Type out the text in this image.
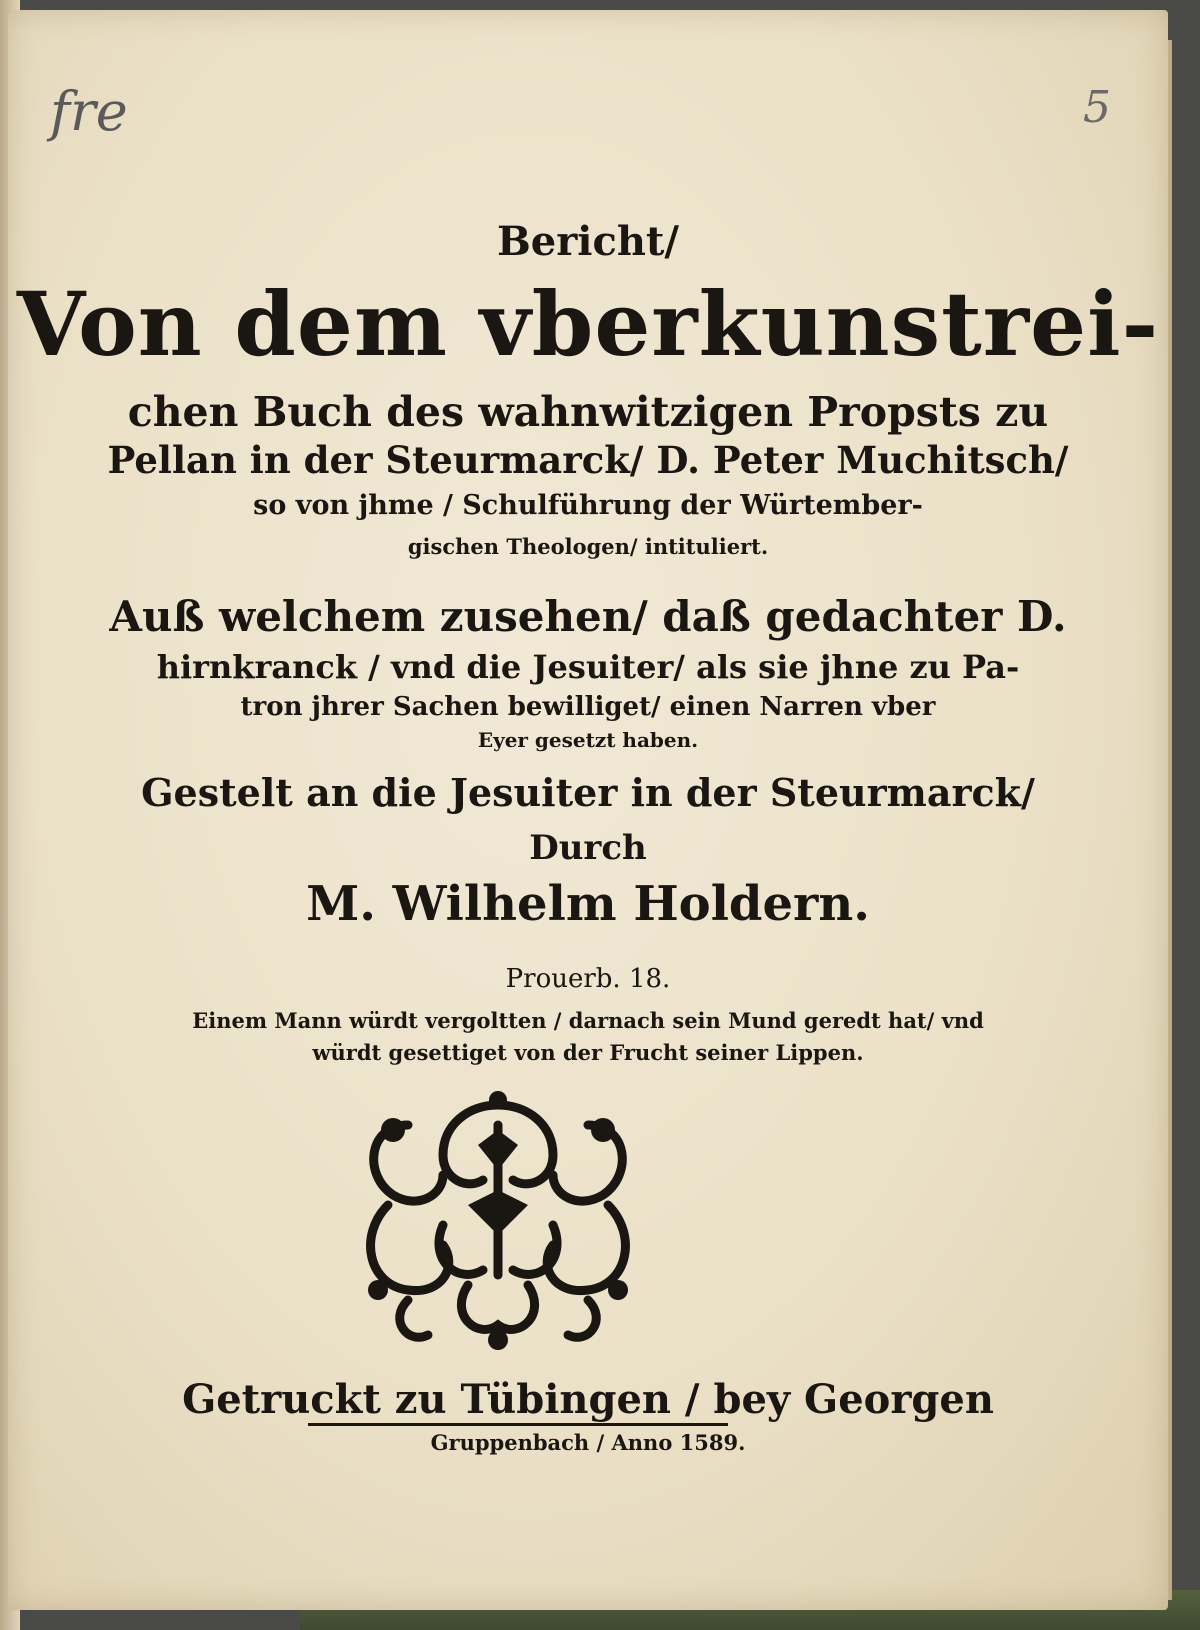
fre	5
Bericht/
Von dem vberkunstrei-
chen Buch des wahnwitzigen Propsts zu
Pellan in der Steurmarck/ D. Peter Muchitsch/
so von jhme / Schulführung der Würtember-
gischen Theologen/ intituliert.
Auß welchem zusehen/ daß gedachter D.
hirnkranck / vnd die Jesuiter/ als sie jhne zu Pa-
tron jhrer Sachen bewilliget/ einen Narren vber
Eyer gesetzt haben.
Gestelt an die Jesuiter in der Steurmarck/
Durch
M. Wilhelm Holdern.
Prouerb. 18.
Einem Mann würdt vergoltten / darnach sein Mund geredt hat/ vnd
würdt gesettiget von der Frucht seiner Lippen.
Getruckt zu Tübingen / bey Georgen
Gruppenbach / Anno 1589.
